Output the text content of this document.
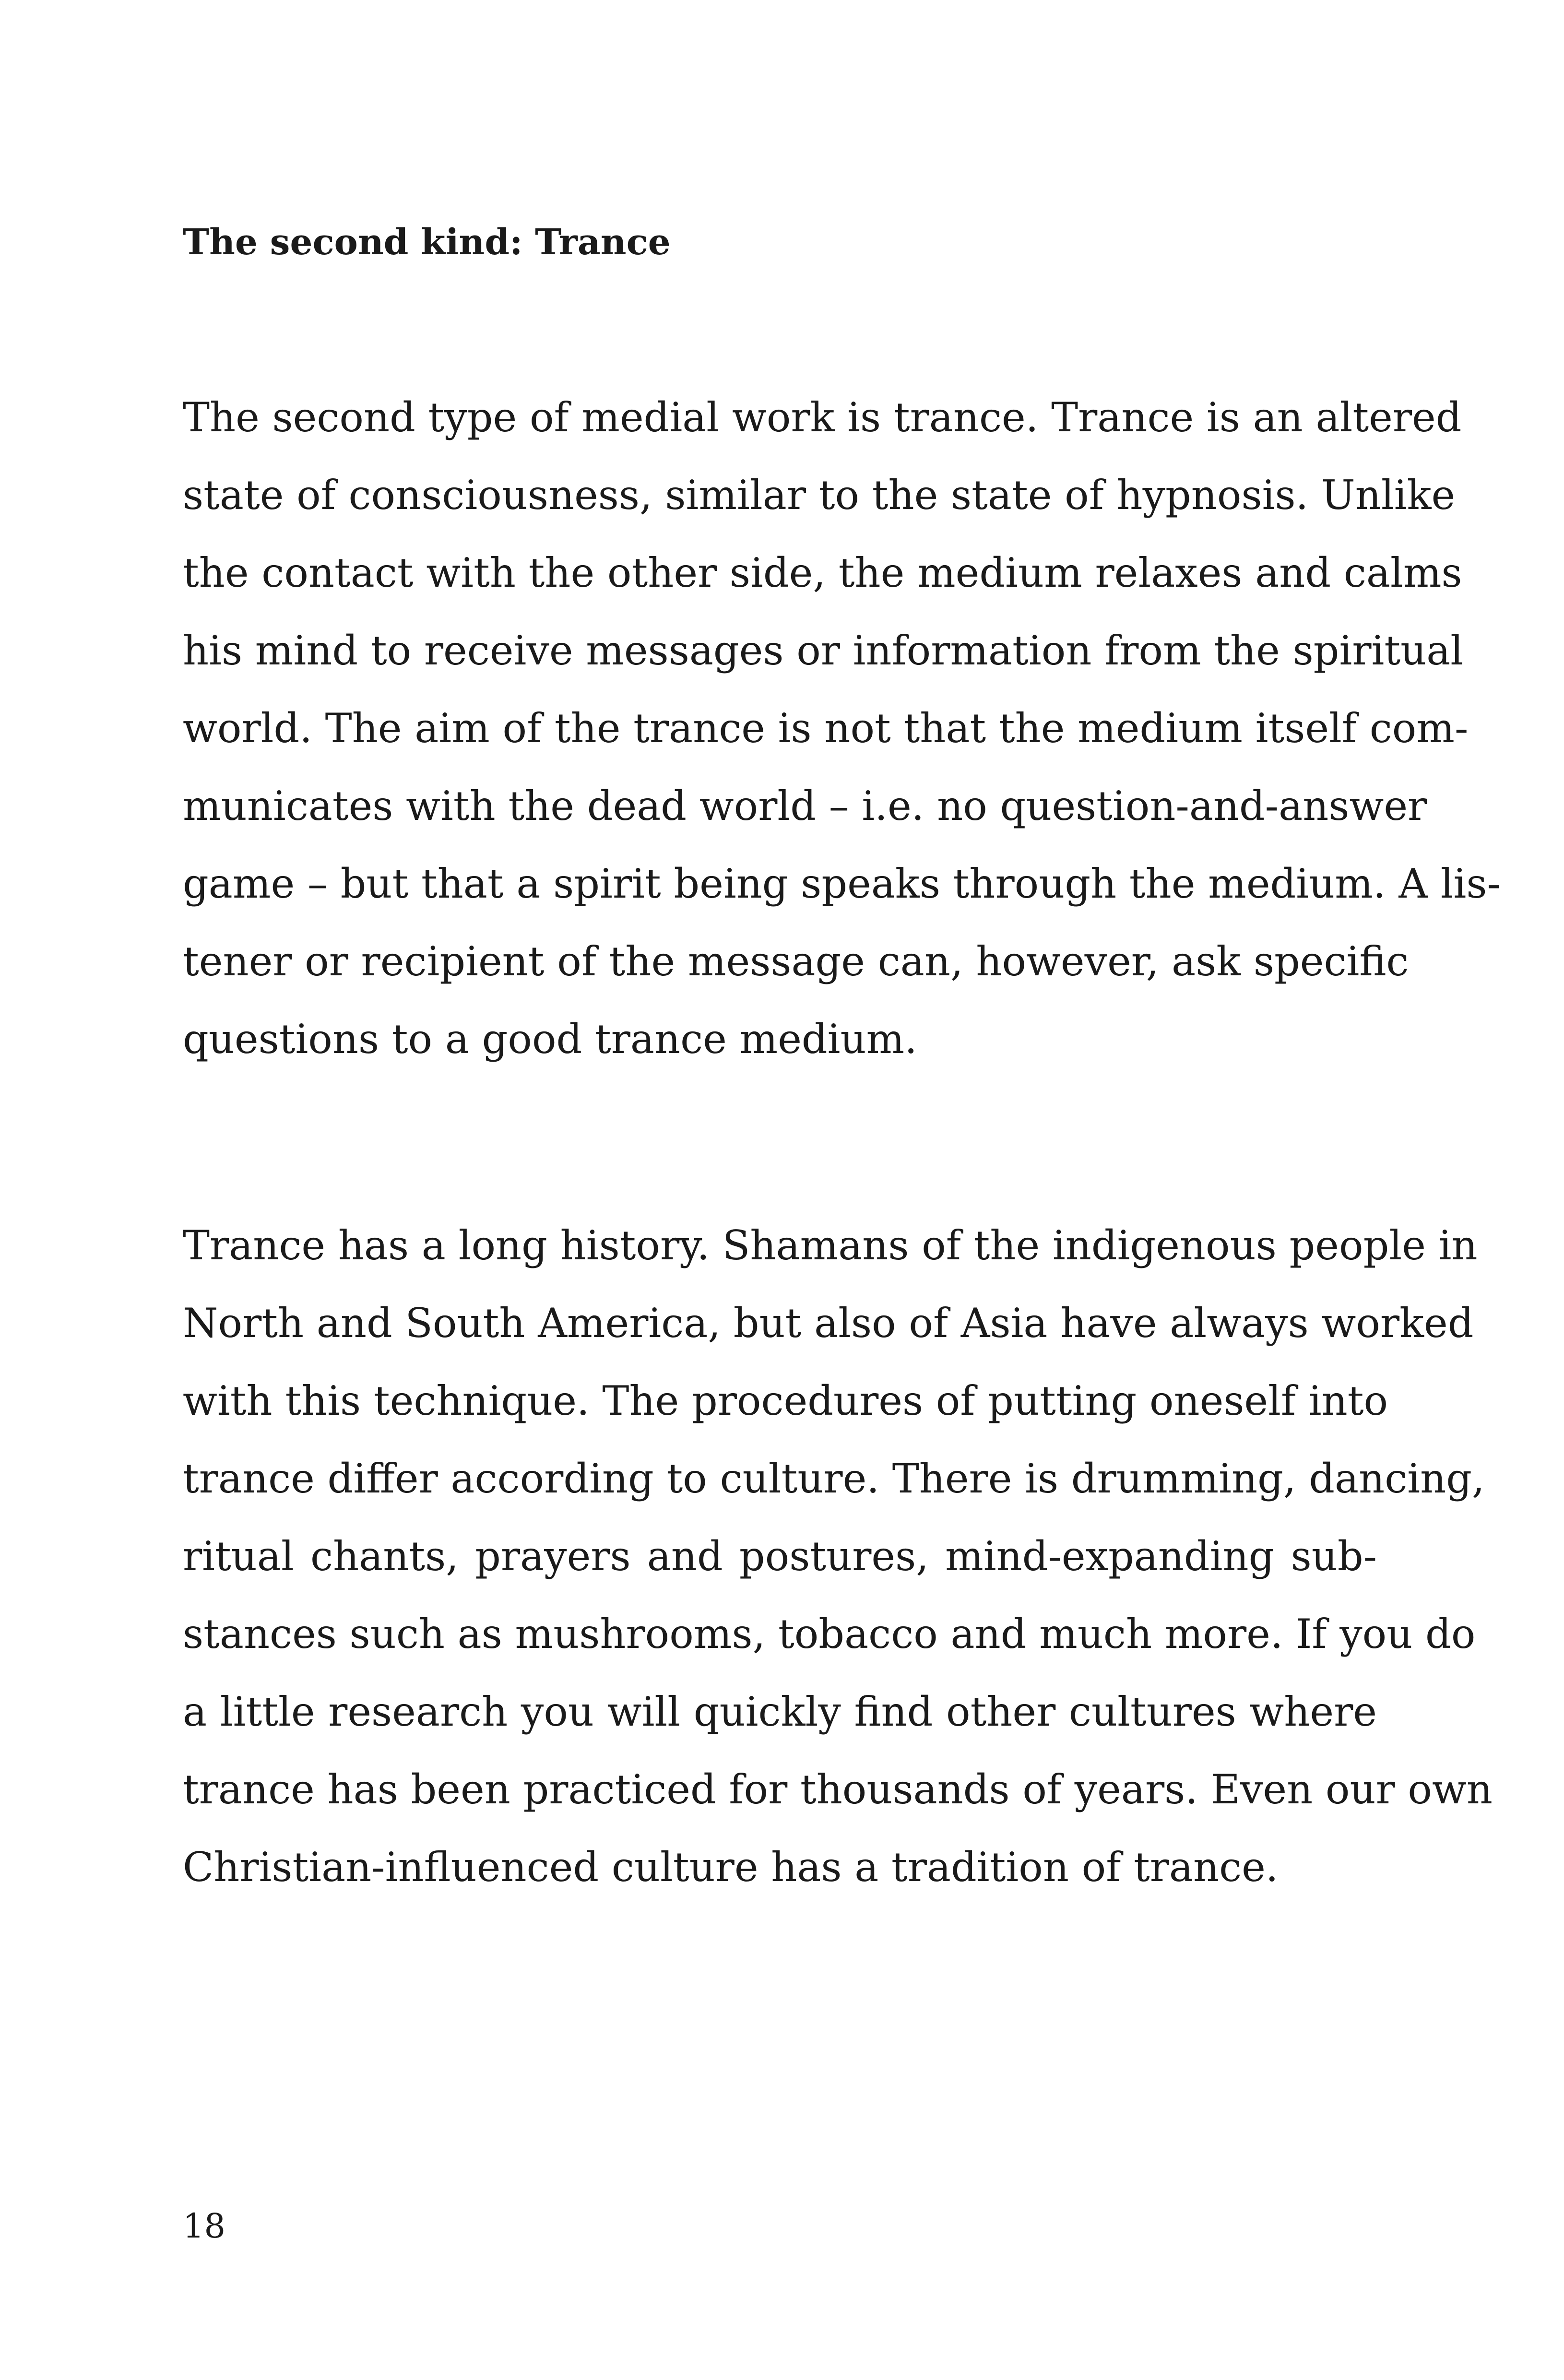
The second kind: Trance
The second type of medial work is trance. Trance is an altered
state of consciousness, similar to the state of hypnosis. Unlike
the contact with the other side, the medium relaxes and calms
his mind to receive messages or information from the spiritual
world. The aim of the trance is not that the medium itself com-
municates with the dead world – i.e. no question-and-answer
game – but that a spirit being speaks through the medium. A lis-
tener or recipient of the message can, however, ask specific
questions to a good trance medium.
Trance has a long history. Shamans of the indigenous people in
North and South America, but also of Asia have always worked
with this technique. The procedures of putting oneself into
trance differ according to culture. There is drumming, dancing,
ritual chants, prayers and postures, mind-expanding sub-
stances such as mushrooms, tobacco and much more. If you do
a little research you will quickly find other cultures where
trance has been practiced for thousands of years. Even our own
Christian-influenced culture has a tradition of trance.
18
